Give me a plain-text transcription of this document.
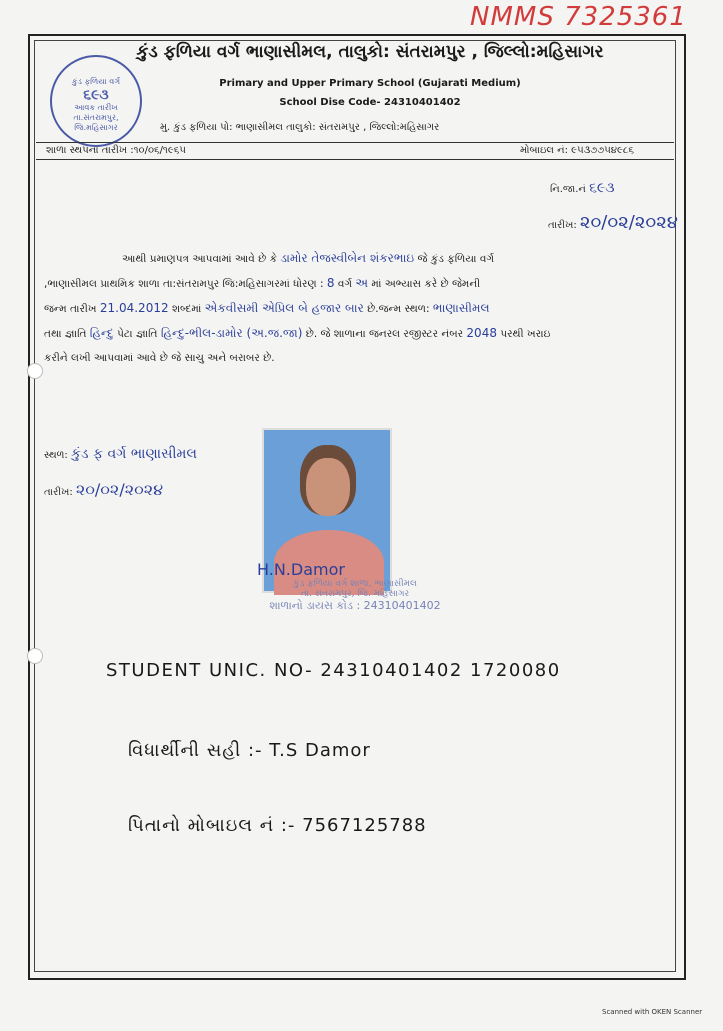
NMMS 7325361
કુંડ ફળિયા વર્ગ
૬૯૩
આવક તારીખ
તા.સંતરામપુર, જિ.મહિસાગર
કુંડ ફળિયા વર્ગ ભાણાસીમલ, તાલુકો: સંતરામપુર , જિલ્લો:મહિસાગર
Primary and Upper Primary School (Gujarati Medium)
School Dise Code- 24310401402
મુ. કુંડ ફળિયા પો: ભાણાસીમલ તાલુકો: સંતરામપુર , જિલ્લો:મહિસાગર
શાળા સ્થપના તારીખ :૧૦/૦૬/૧૯૬૫	મોબાઇલ નં: ૯૫૩૭૭૫૪૯૮૬
નિ.જા.નં ૬૯૩
તારીખ: ૨૦/૦૨/૨૦૨૪
આથી પ્રમાણપત્ર આપવામાં આવે છે કે ડામોર તેજસ્વીબેન શંકરભાઇ જે કુંડ ફળિયા વર્ગ
,ભાણાસીમલ પ્રાથમિક શાળા તા:સંતરામપુર જિ:મહિસાગરમાં ધોરણ : 8 વર્ગ અ માં અભ્યાસ કરે છે જેમની
જન્મ તારીખ 21.04.2012 શબ્દમાં એકવીસમી એપ્રિલ બે હજાર બાર છે.જન્મ સ્થળ: ભાણાસીમલ
તથા જ્ઞાતિ હિન્દુ પેટા જ્ઞાતિ હિન્દુ-ભીલ-ડામોર (અ.જ.જા) છે. જે શાળાના જનરલ રજીસ્ટર નંબર 2048 પરથી ખરાઇ
કરીને લખી આપવામાં આવે છે જે સાચુ અને બરાબર છે.
સ્થળ: કુંડ ફ વર્ગ ભાણાસીમલ
તારીખ: ૨૦/૦૨/૨૦૨૪
H.N.Damor
કુંડ ફળિયા વર્ગ શાળા, ભાણાસીમલ
તા. સંતરામપુર, જિ. મહિસાગર
શાળાનો ડાયસ કોડ : 24310401402
STUDENT UNIC. NO- 24310401402 1720080
વિધાર્થીની સહી :- T.S Damor
પિતાનો મોબાઇલ નં :- 7567125788
Scanned with OKEN Scanner
